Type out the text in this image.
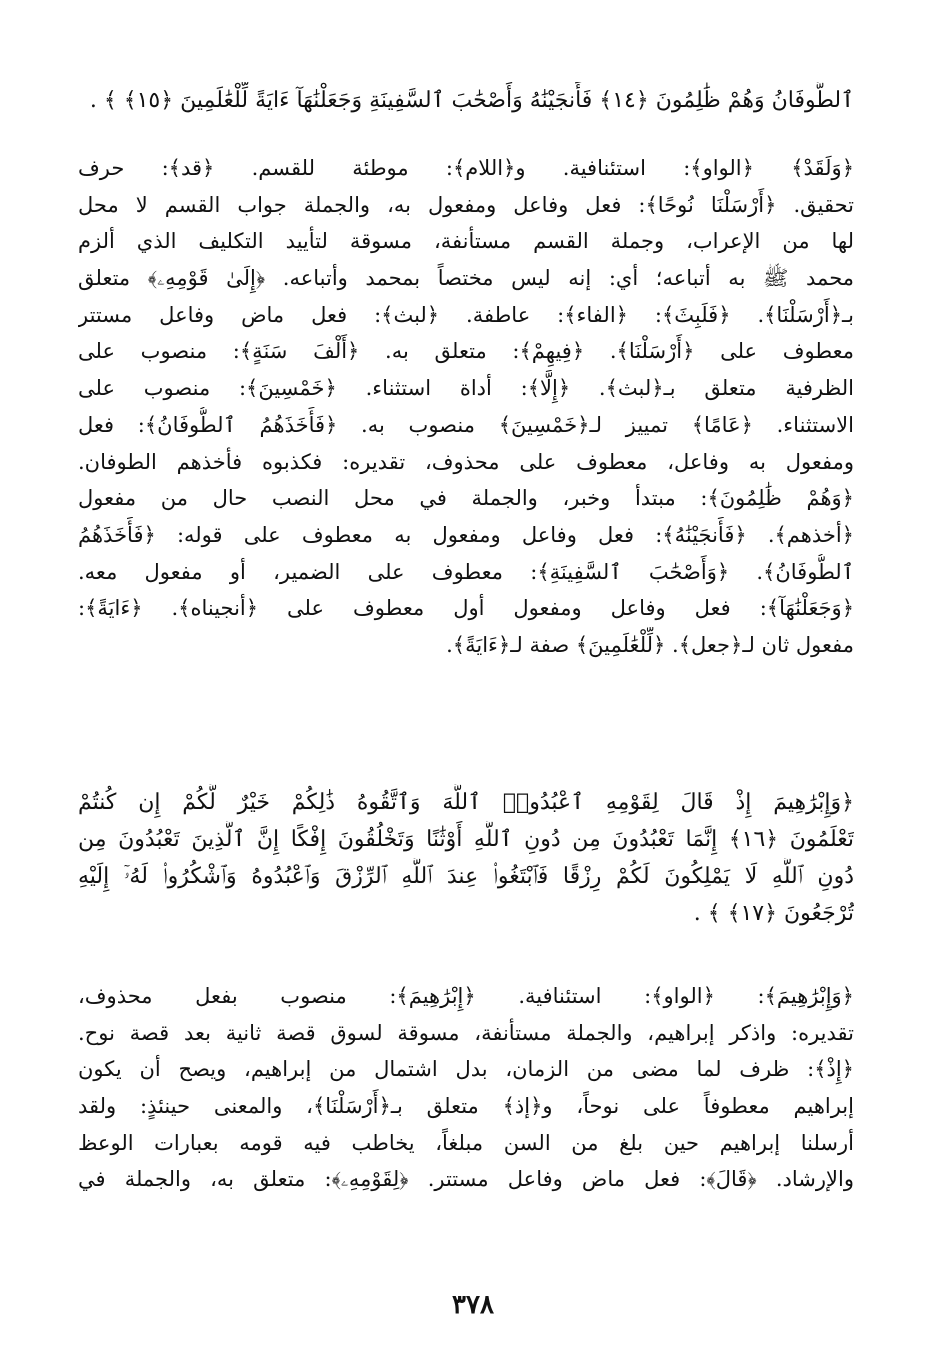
ٱلطُّوفَانُ وَهُمْ ظَٰلِمُونَ ﴿١٤﴾ فَأَنجَيْنَٰهُ وَأَصْحَٰبَ ٱلسَّفِينَةِ وَجَعَلْنَٰهَآ ءَايَةً لِّلْعَٰلَمِينَ ﴿١٥﴾ ﴾ .
﴿وَلَقَدْ﴾ ﴿الواو﴾: استئنافية. و﴿اللام﴾: موطئة للقسم. ﴿قد﴾: حرف
تحقيق. ﴿أَرْسَلْنَا نُوحًا﴾: فعل وفاعل ومفعول به، والجملة جواب القسم لا محل
لها من الإعراب، وجملة القسم مستأنفة، مسوقة لتأييد التكليف الذي ألزم
محمد ﷺ به أتباعه؛ أي: إنه ليس مختصاً بمحمد وأتباعه. ﴿إِلَىٰ قَوْمِهِۦ﴾ متعلق
بـ﴿أَرْسَلْنَا﴾. ﴿فَلَبِثَ﴾: ﴿الفاء﴾: عاطفة. ﴿لبث﴾: فعل ماض وفاعل مستتر
معطوف على ﴿أَرْسَلْنَا﴾. ﴿فِيهِمْ﴾: متعلق به. ﴿أَلْفَ سَنَةٍ﴾: منصوب على
الظرفية متعلق بـ﴿لبث﴾. ﴿إِلَّا﴾: أداة استثناء. ﴿خَمْسِينَ﴾: منصوب على
الاستثناء. ﴿عَامًا﴾ تمييز لـ﴿خَمْسِينَ﴾ منصوب به. ﴿فَأَخَذَهُمُ ٱلطُّوفَانُ﴾: فعل
ومفعول به وفاعل، معطوف على محذوف، تقديره: فكذبوه فأخذهم الطوفان.
﴿وَهُمْ ظَٰلِمُونَ﴾: مبتدأ وخبر، والجملة في محل النصب حال من مفعول
﴿أخذهم﴾. ﴿فَأَنجَيْنَٰهُ﴾: فعل وفاعل ومفعول به معطوف على قوله: ﴿فَأَخَذَهُمُ
ٱلطُّوفَانُ﴾. ﴿وَأَصْحَٰبَ ٱلسَّفِينَةِ﴾: معطوف على الضمير، أو مفعول معه.
﴿وَجَعَلْنَٰهَآ﴾: فعل وفاعل ومفعول أول معطوف على ﴿أنجيناه﴾. ﴿ءَايَةً﴾:
مفعول ثان لـ﴿جعل﴾. ﴿لِّلْعَٰلَمِينَ﴾ صفة لـ﴿ءَايَةً﴾.
﴿وَإِبْرَٰهِيمَ إِذْ قَالَ لِقَوْمِهِ ٱعْبُدُوا۟ ٱللَّهَ وَٱتَّقُوهُ ذَٰلِكُمْ خَيْرٌ لَّكُمْ إِن كُنتُمْ
تَعْلَمُونَ ﴿١٦﴾ إِنَّمَا تَعْبُدُونَ مِن دُونِ ٱللَّهِ أَوْثَٰنًا وَتَخْلُقُونَ إِفْكًا إِنَّ ٱلَّذِينَ تَعْبُدُونَ مِن
دُونِ ٱللَّهِ لَا يَمْلِكُونَ لَكُمْ رِزْقًا فَٱبْتَغُوا۟ عِندَ ٱللَّهِ ٱلرِّزْقَ وَٱعْبُدُوهُ وَٱشْكُرُوا۟ لَهُۥٓ إِلَيْهِ
تُرْجَعُونَ ﴿١٧﴾ ﴾ .
﴿وَإِبْرَٰهِيمَ﴾: ﴿الواو﴾: استئنافية. ﴿إِبْرَٰهِيمَ﴾: منصوب بفعل محذوف،
تقديره: واذكر إبراهيم، والجملة مستأنفة، مسوقة لسوق قصة ثانية بعد قصة نوح.
﴿إِذْ﴾: ظرف لما مضى من الزمان، بدل اشتمال من إبراهيم، ويصح أن يكون
إبراهيم معطوفاً على نوحاً، و﴿إذ﴾ متعلق بـ﴿أَرْسَلْنَا﴾، والمعنى حينئذٍ: ولقد
أرسلنا إبراهيم حين بلغ من السن مبلغاً، يخاطب فيه قومه بعبارات الوعظ
والإرشاد. ﴿قَالَ﴾: فعل ماض وفاعل مستتر. ﴿لِقَوْمِهِۦ﴾: متعلق به، والجملة في
٣٧٨
